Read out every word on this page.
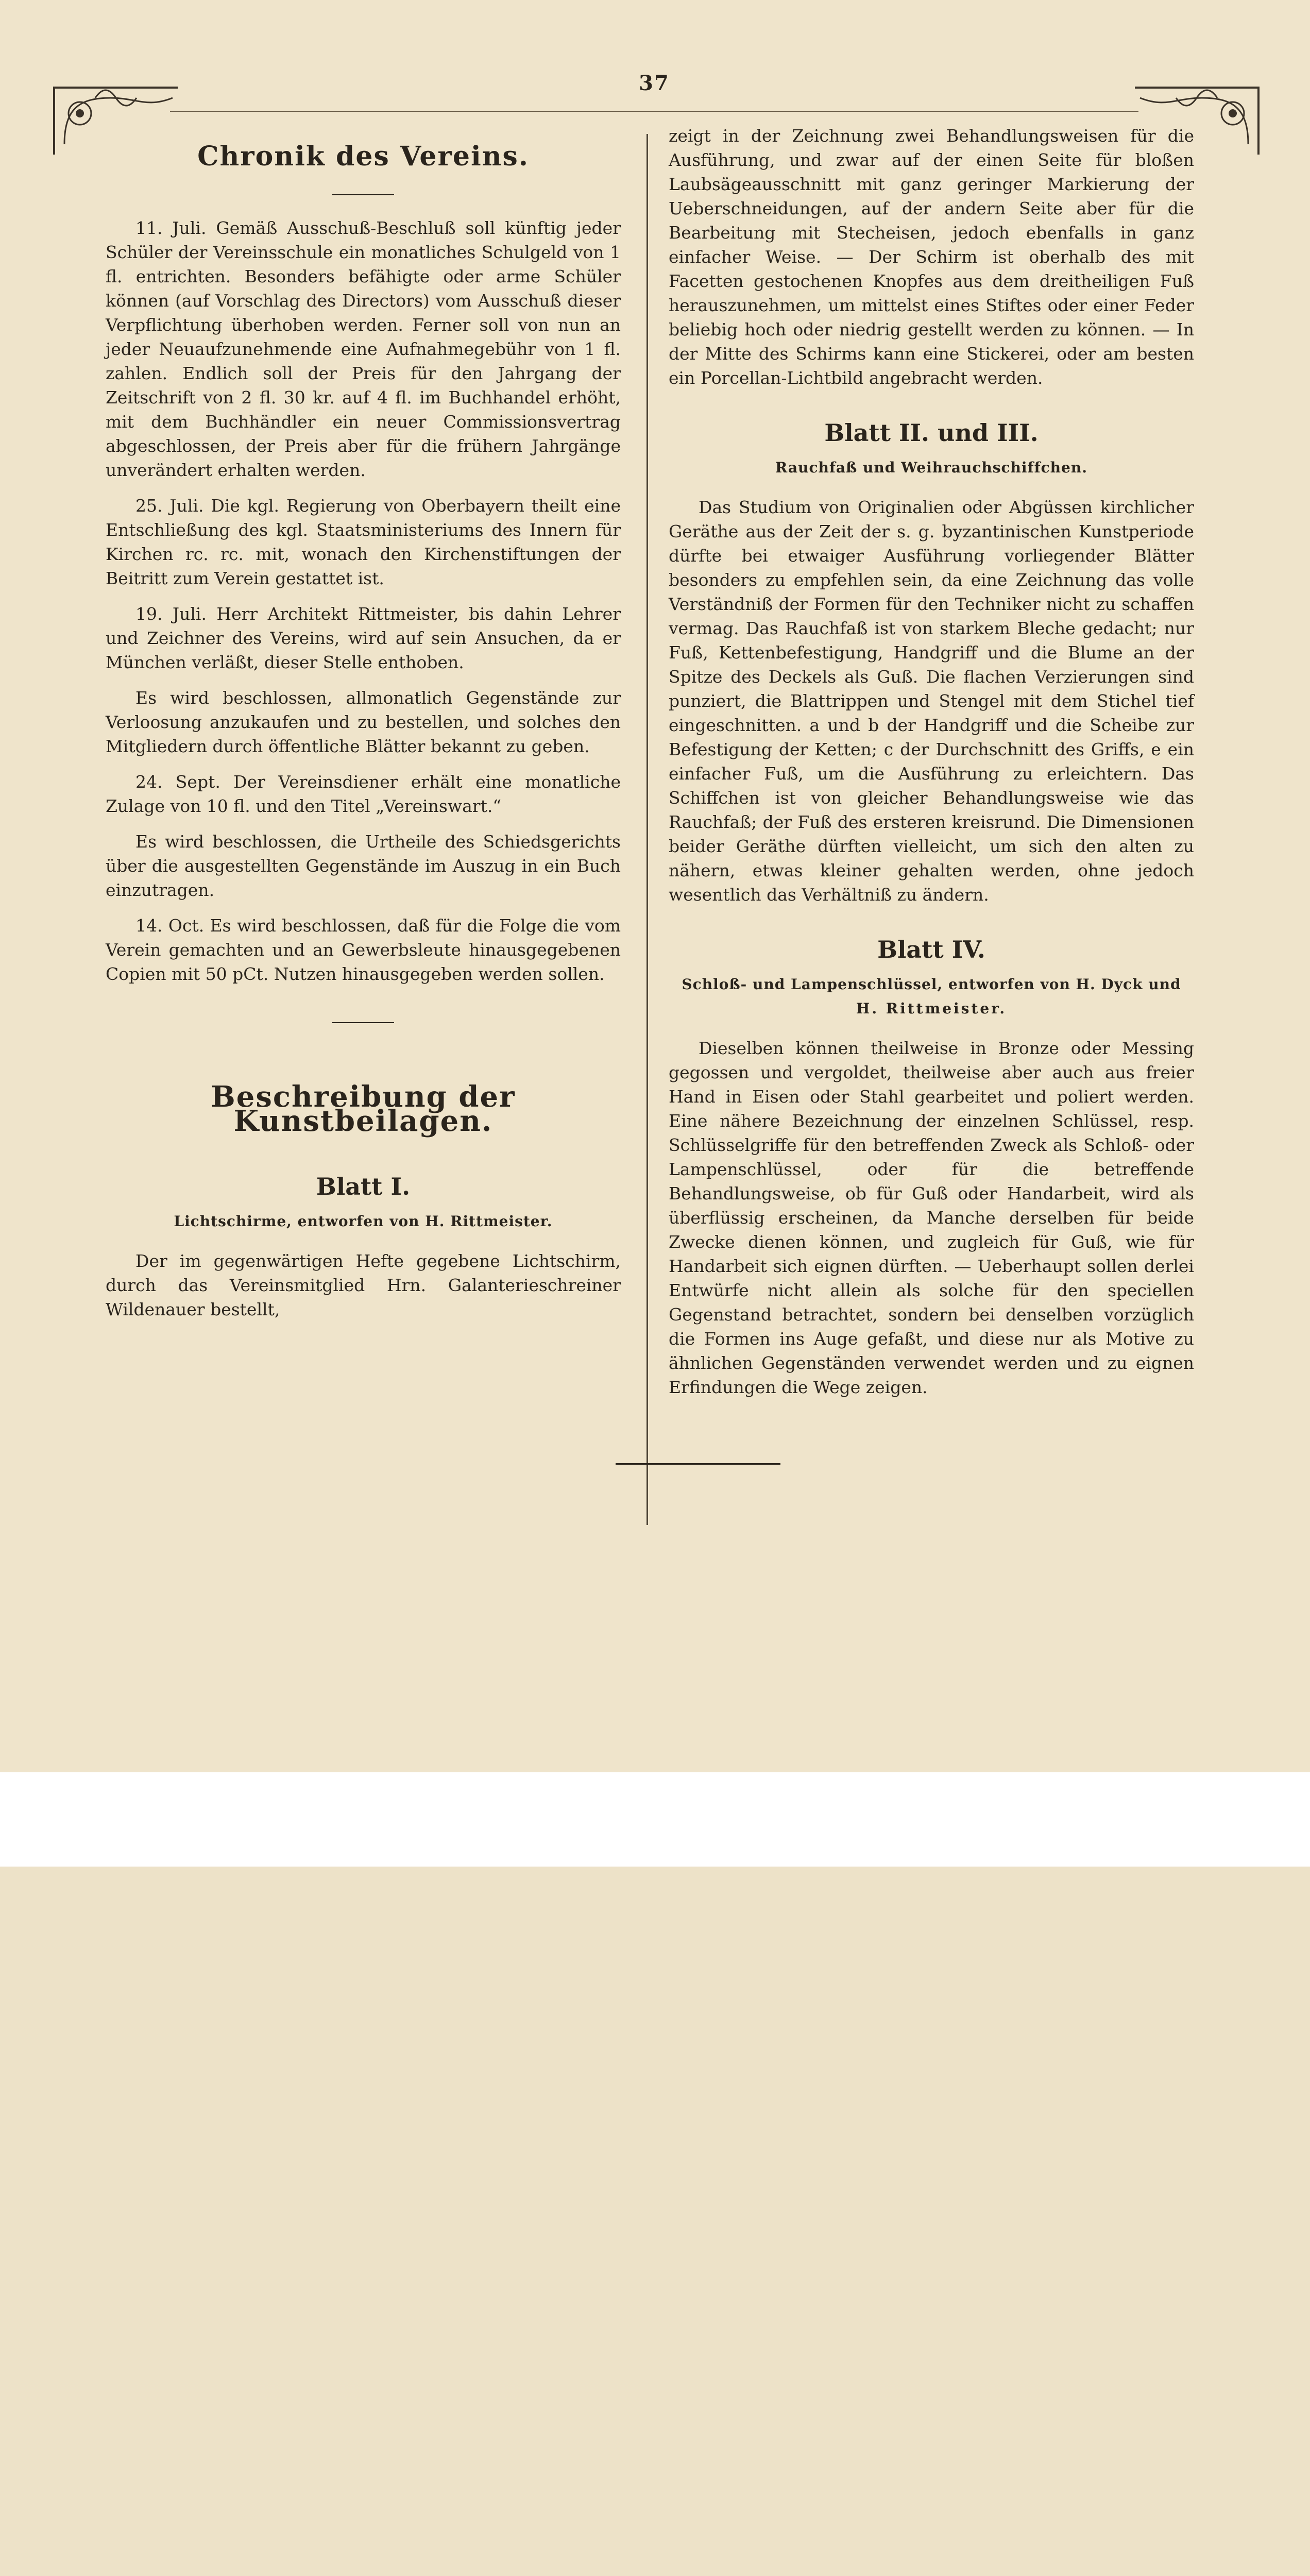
37
Chronik des Vereins.

11. Juli. Gemäß Ausschuß-Beschluß soll künftig jeder Schüler der Vereinsschule ein monatliches Schulgeld von 1 fl. entrichten. Besonders befähigte oder arme Schüler können (auf Vorschlag des Directors) vom Ausschuß dieser Verpflichtung überhoben werden. Ferner soll von nun an jeder Neuaufzunehmende eine Aufnahmegebühr von 1 fl. zahlen. Endlich soll der Preis für den Jahrgang der Zeitschrift von 2 fl. 30 kr. auf 4 fl. im Buchhandel erhöht, mit dem Buchhändler ein neuer Commissionsvertrag abgeschlossen, der Preis aber für die frühern Jahrgänge unverändert erhalten werden.

25. Juli. Die kgl. Regierung von Oberbayern theilt eine Entschließung des kgl. Staatsministeriums des Innern für Kirchen rc. rc. mit, wonach den Kirchenstiftungen der Beitritt zum Verein gestattet ist.

19. Juli. Herr Architekt Rittmeister, bis dahin Lehrer und Zeichner des Vereins, wird auf sein Ansuchen, da er München verläßt, dieser Stelle enthoben.

Es wird beschlossen, allmonatlich Gegenstände zur Verloosung anzukaufen und zu bestellen, und solches den Mitgliedern durch öffentliche Blätter bekannt zu geben.

24. Sept. Der Vereinsdiener erhält eine monatliche Zulage von 10 fl. und den Titel „Vereinswart.“

Es wird beschlossen, die Urtheile des Schiedsgerichts über die ausgestellten Gegenstände im Auszug in ein Buch einzutragen.

14. Oct. Es wird beschlossen, daß für die Folge die vom Verein gemachten und an Gewerbsleute hinausgegebenen Copien mit 50 pCt. Nutzen hinausgegeben werden sollen.

Beschreibung der Kunstbeilagen.
Blatt I.
Lichtschirme, entworfen von H. Rittmeister.

Der im gegenwärtigen Hefte gegebene Lichtschirm, durch das Vereinsmitglied Hrn. Galanterieschreiner Wildenauer bestellt,

zeigt in der Zeichnung zwei Behandlungsweisen für die Ausführung, und zwar auf der einen Seite für bloßen Laubsägeausschnitt mit ganz geringer Markierung der Ueberschneidungen, auf der andern Seite aber für die Bearbeitung mit Stecheisen, jedoch ebenfalls in ganz einfacher Weise. — Der Schirm ist oberhalb des mit Facetten gestochenen Knopfes aus dem dreitheiligen Fuß herauszunehmen, um mittelst eines Stiftes oder einer Feder beliebig hoch oder niedrig gestellt werden zu können. — In der Mitte des Schirms kann eine Stickerei, oder am besten ein Porcellan-Lichtbild angebracht werden.

Blatt II. und III.
Rauchfaß und Weihrauchschiffchen.

Das Studium von Originalien oder Abgüssen kirchlicher Geräthe aus der Zeit der s. g. byzantinischen Kunstperiode dürfte bei etwaiger Ausführung vorliegender Blätter besonders zu empfehlen sein, da eine Zeichnung das volle Verständniß der Formen für den Techniker nicht zu schaffen vermag. Das Rauchfaß ist von starkem Bleche gedacht; nur Fuß, Kettenbefestigung, Handgriff und die Blume an der Spitze des Deckels als Guß. Die flachen Verzierungen sind punziert, die Blattrippen und Stengel mit dem Stichel tief eingeschnitten. a und b der Handgriff und die Scheibe zur Befestigung der Ketten; c der Durchschnitt des Griffs, e ein einfacher Fuß, um die Ausführung zu erleichtern. Das Schiffchen ist von gleicher Behandlungsweise wie das Rauchfaß; der Fuß des ersteren kreisrund. Die Dimensionen beider Geräthe dürften vielleicht, um sich den alten zu nähern, etwas kleiner gehalten werden, ohne jedoch wesentlich das Verhältniß zu ändern.

Blatt IV.
Schloß- und Lampenschlüssel, entworfen von H. Dyck und
H. Rittmeister.

Dieselben können theilweise in Bronze oder Messing gegossen und vergoldet, theilweise aber auch aus freier Hand in Eisen oder Stahl gearbeitet und poliert werden. Eine nähere Bezeichnung der einzelnen Schlüssel, resp. Schlüsselgriffe für den betreffenden Zweck als Schloß- oder Lampenschlüssel, oder für die betreffende Behandlungsweise, ob für Guß oder Handarbeit, wird als überflüssig erscheinen, da Manche derselben für beide Zwecke dienen können, und zugleich für Guß, wie für Handarbeit sich eignen dürften. — Ueberhaupt sollen derlei Entwürfe nicht allein als solche für den speciellen Gegenstand betrachtet, sondern bei denselben vorzüglich die Formen ins Auge gefaßt, und diese nur als Motive zu ähnlichen Gegenständen verwendet werden und zu eignen Erfindungen die Wege zeigen.
